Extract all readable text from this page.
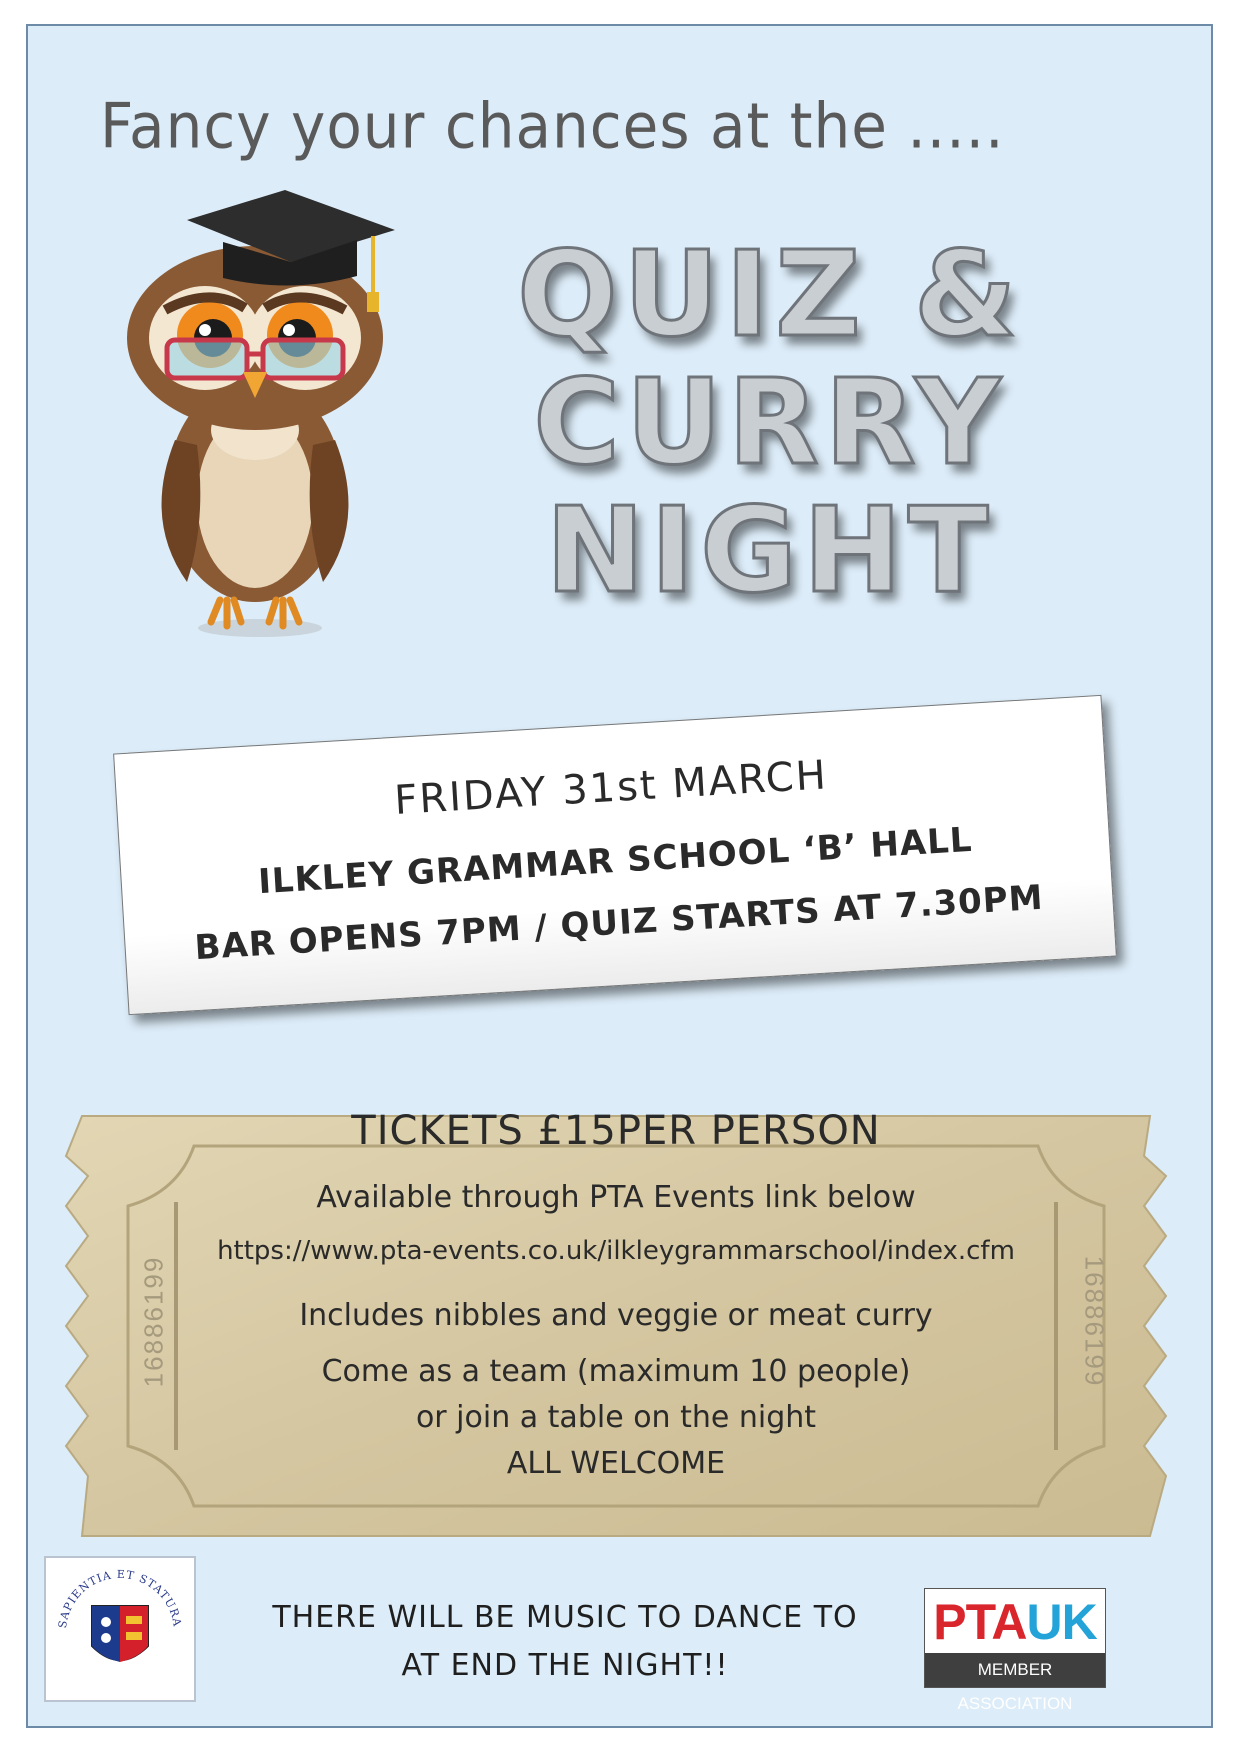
Fancy your chances at the .....
QUIZ &
CURRY
NIGHT
FRIDAY 31st MARCH
ILKLEY GRAMMAR SCHOOL ‘B’ HALL
BAR OPENS 7PM / QUIZ STARTS AT 7.30PM
TICKETS £15PER PERSON
Available through PTA Events link below
https://www.pta-events.co.uk/ilkleygrammarschool/index.cfm
Includes nibbles and veggie or meat curry
Come as a team (maximum 10 people)
or join a table on the night
ALL WELCOME
16886199	16886199
SAPIENTIA ET STATURA	THERE WILL BE MUSIC TO DANCE TO
AT END THE NIGHT!!
PTAUK
MEMBER ASSOCIATION
